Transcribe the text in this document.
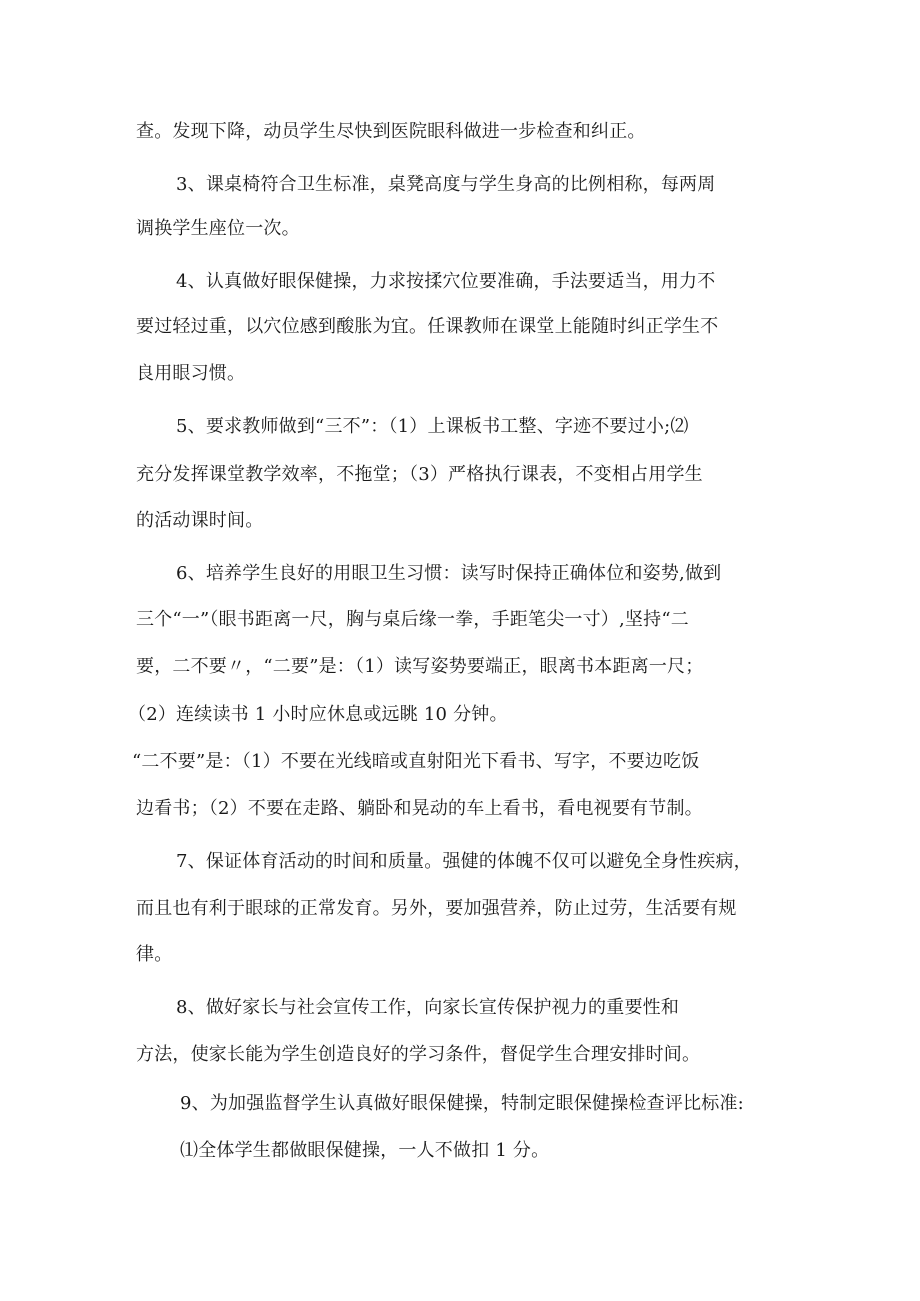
查。发现下降，动员学生尽快到医院眼科做进一步检查和纠正。
3、课桌椅符合卫生标准，桌凳高度与学生身高的比例相称，每两周
调换学生座位一次。
4、认真做好眼保健操，力求按揉穴位要准确，手法要适当，用力不
要过轻过重，以穴位感到酸胀为宜。任课教师在课堂上能随时纠正学生不
良用眼习惯。
5、要求教师做到“三不”：（1）上课板书工整、字迹不要过小;⑵
充分发挥课堂教学效率，不拖堂；（3）严格执行课表，不变相占用学生
的活动课时间。
6、培养学生良好的用眼卫生习惯：读写时保持正确体位和姿势,做到
三个“一”（眼书距离一尺，胸与桌后缘一拳，手距笔尖一寸）,坚持“二
要，二不要〃，“二要”是：（1）读写姿势要端正，眼离书本距离一尺；
（2）连续读书 1 小时应休息或远眺 10 分钟。
“二不要”是：（1）不要在光线暗或直射阳光下看书、写字，不要边吃饭
边看书；（2）不要在走路、躺卧和晃动的车上看书，看电视要有节制。
7、保证体育活动的时间和质量。强健的体魄不仅可以避免全身性疾病，
而且也有利于眼球的正常发育。另外，要加强营养，防止过劳，生活要有规
律。
8、做好家长与社会宣传工作，向家长宣传保护视力的重要性和
方法，使家长能为学生创造良好的学习条件，督促学生合理安排时间。
9、为加强监督学生认真做好眼保健操，特制定眼保健操检查评比标准:
⑴全体学生都做眼保健操，一人不做扣 1 分。
